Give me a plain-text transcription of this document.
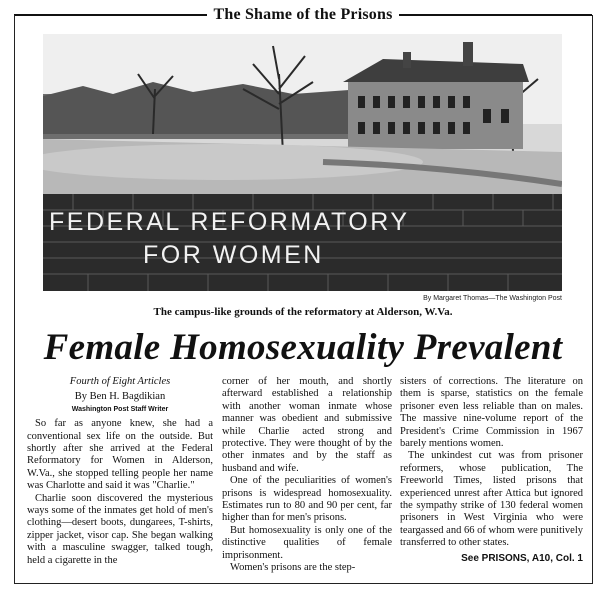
The Shame of the Prisons
FEDERAL REFORMATORY
FOR WOMEN
By Margaret Thomas—The Washington Post
The campus-like grounds of the reformatory at Alderson, W.Va.
Female Homosexuality Prevalent

Fourth of Eight Articles

By Ben H. Bagdikian

Washington Post Staff Writer

So far as anyone knew, she had a conventional sex life on the outside. But shortly after she arrived at the Federal Reformatory for Women in Alderson, W.Va., she stopped telling people her name was Charlotte and said it was "Charlie."

Charlie soon discovered the mysterious ways some of the inmates get hold of men's clothing—desert boots, dungarees, T-shirts, zipper jacket, visor cap. She began walking with a masculine swagger, talked tough, held a cigarette in the

corner of her mouth, and shortly afterward established a relationship with another woman inmate whose manner was obedient and submissive while Charlie acted strong and protective. They were thought of by the other inmates and by the staff as husband and wife.

One of the peculiarities of women's prisons is widespread homosexuality. Estimates run to 80 and 90 per cent, far higher than for men's prisons.

But homosexuality is only one of the distinctive qualities of female imprisonment.

Women's prisons are the step-

sisters of corrections. The literature on them is sparse, statistics on the female prisoner even less reliable than on males. The massive nine-volume report of the President's Crime Commission in 1967 barely mentions women.

The unkindest cut was from prisoner reformers, whose publication, The Freeworld Times, listed prisons that experienced unrest after Attica but ignored the sympathy strike of 130 federal women prisoners in West Virginia who were teargassed and 66 of whom were punitively transferred to other states.

See PRISONS, A10, Col. 1
